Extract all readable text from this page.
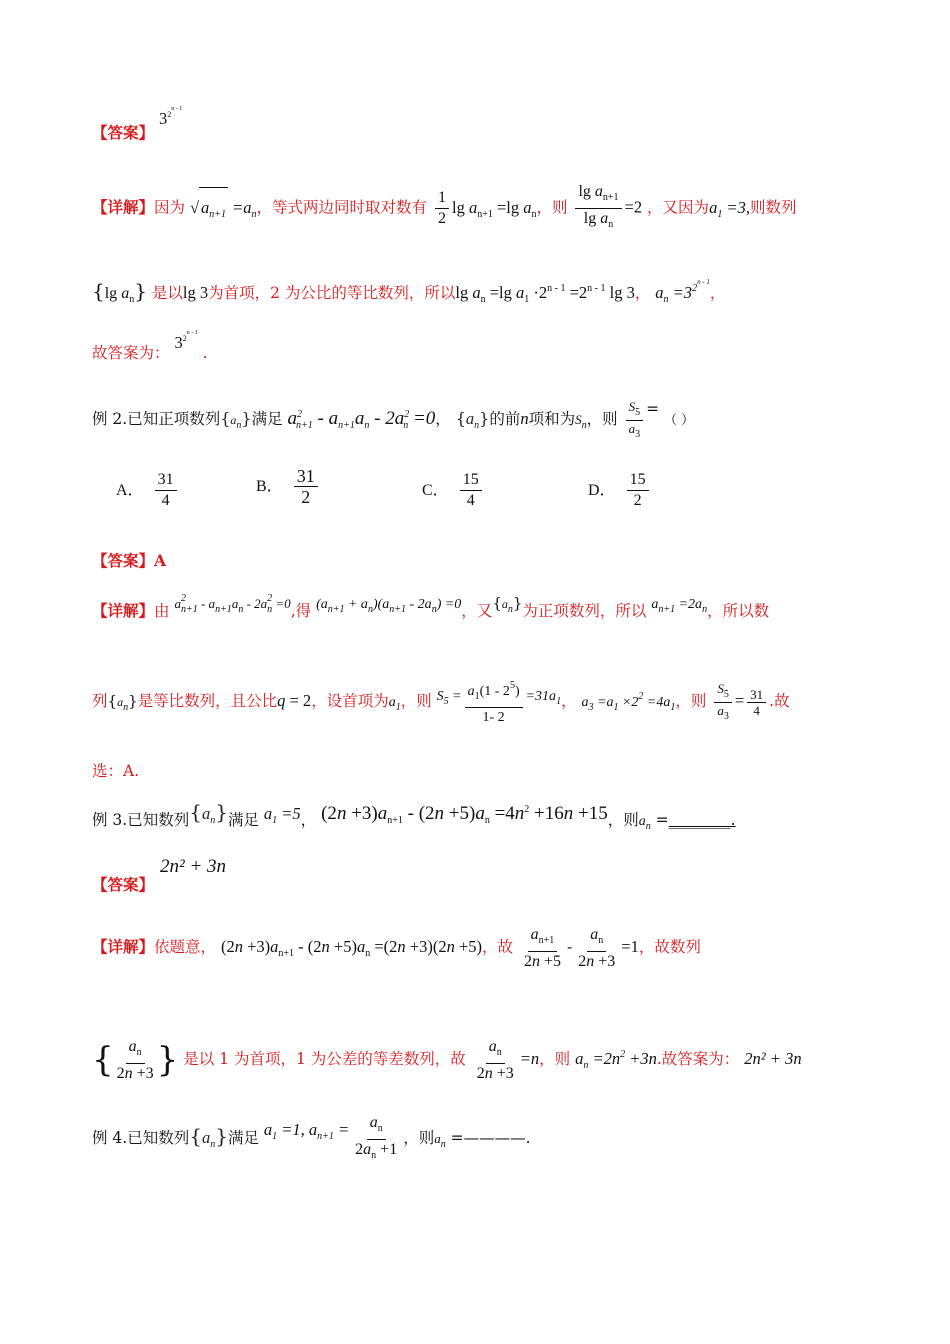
【答案】 $3^{2^{n - 1}}$
【详解】因为 √ $a_{n+1} =a_n$，等式两边同时取对数有 $\frac{1}{2}$ $\lg a_{n+1} =\lg$ $a_n$，则 $\frac{\lg a_{n+1}}{\lg a_n} =2$ ，又因为$a_1 =3$,则数列
{lg $a_n$} 是以lg 3为首项，2 为公比的等比数列，所以$\lg a_n =\lg$ $a_1 \cdot 2^{n - 1} =2^{n - 1}$ lg 3， $a_n =3^{2^{n - 1}}$，
故答案为： $3^{2^{n - 1}}$ .
例 2.已知正项数列$\{a_n\}$满足 $a^2_{n+1} - a_{n+1}a_n - 2a^2_n =0$， $\{a_n\}$的前n项和为$S_n$，则 $\frac{S_5}{a_3}$ = （ ）
A． $\frac{31}{4}$	B． $\frac{31}{2}$	C． $\frac{15}{4}$	D． $\frac{15}{2}$
【答案】A
【详解】由 $^{a^2_{n+1} - a_{n+1}a_n - 2a^2_n =0}$,得 $(a_{n+1} + a_n)(a_{n+1} - 2a_n) =0$，又$\{a_n\}$为正项数列，所以 $a_{n+1} =2a_n$，所以数
列$\{a_n\}$是等比数列，且公比q = 2，设首项为$a_1$，则 $S_5 = \frac{a_1(1 - 2^5)}{1- 2} =31a_1$， $a_3 =a_1 \times 2^2 =4a_1$，则 $\frac{S_5}{a_3} = \frac{31}{4}$ .故
选：A.
例 3.已知数列$\{a_n\}$满足 $a_1 =5$， $(2n +3)a_{n+1} - (2n +5)a_n =4n^2 +16n +15$，则$a_n$ =________.
【答案】
2n² + 3n
【详解】依题意， $(2n +3)a_{n+1} - (2n +5)a_n =(2n +3)(2n +5)$，故 $\frac{a_{n+1}}{2n +5} - \frac{a_n}{2n +3} =1$，故数列
{ $\frac{a_n}{2n +3}$ } 是以 1 为首项，1 为公差的等差数列，故 $\frac{a_n}{2n +3} =n$，则 $a_n =2n^2 +3n$.故答案为： 2n² + 3n
例 4.已知数列$\{a_n\}$满足 $a_1 =1$, $a_{n+1} = \frac{a_n}{2a_n +1}$ ，则$a_n$ =————.
